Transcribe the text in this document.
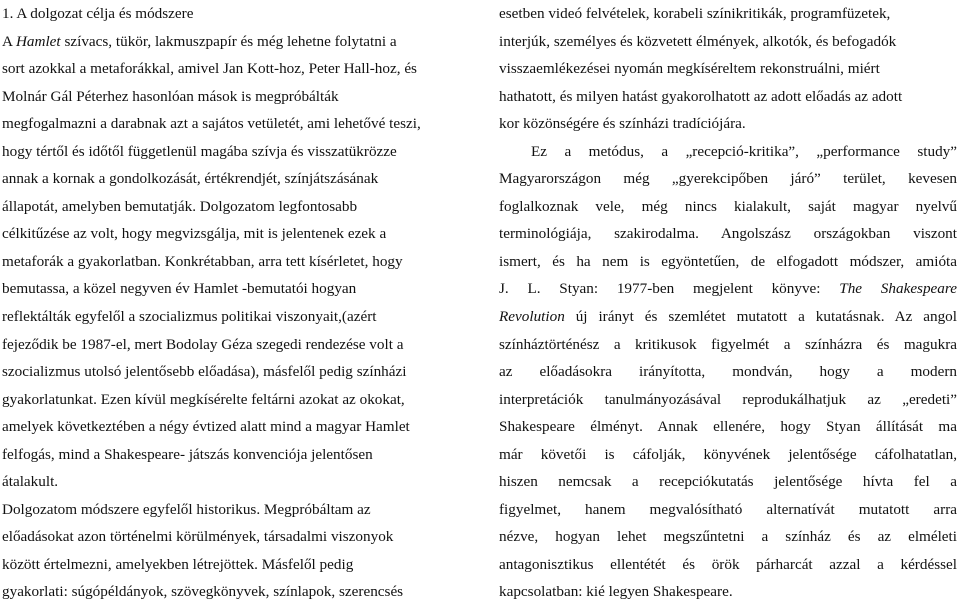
1. A dolgozat célja és módszere
A Hamlet szívacs, tükör, lakmuszpapír és még lehetne folytatni a
sort azokkal a metaforákkal, amivel Jan Kott-hoz, Peter Hall-hoz, és
Molnár Gál Péterhez hasonlóan mások is megpróbálták
megfogalmazni a darabnak azt a sajátos vetületét, ami lehetővé teszi,
hogy tértől és időtől függetlenül magába szívja és visszatükrözze
annak a kornak a gondolkozását, értékrendjét, színjátszásának
állapotát, amelyben bemutatják. Dolgozatom legfontosabb
célkitűzése az volt, hogy megvizsgálja, mit is jelentenek ezek a
metaforák a gyakorlatban. Konkrétabban, arra tett kísérletet, hogy
bemutassa, a közel negyven év Hamlet -bemutatói hogyan
reflektálták egyfelől a szocializmus politikai viszonyait,(azért
fejeződik be 1987-el, mert Bodolay Géza szegedi rendezése volt a
szocializmus utolsó jelentősebb előadása), másfelől pedig színházi
gyakorlatunkat. Ezen kívül megkísérelte feltárni azokat az okokat,
amelyek következtében a négy évtized alatt mind a magyar Hamlet
felfogás, mind a Shakespeare- játszás konvenciója jelentősen
átalakult.
Dolgozatom módszere egyfelől historikus. Megpróbáltam az
előadásokat azon történelmi körülmények, társadalmi viszonyok
között értelmezni, amelyekben létrejöttek. Másfelől pedig
gyakorlati: súgópéldányok, szövegkönyvek, színlapok, szerencsés
esetben videó felvételek, korabeli színikritikák, programfüzetek,
interjúk, személyes és közvetett élmények, alkotók, és befogadók
visszaemlékezései nyomán megkíséreltem rekonstruálni, miért
hathatott, és milyen hatást gyakorolhatott az adott előadás az adott
kor közönségére és színházi tradíciójára.
Ez a metódus, a „recepció-kritika”, „performance study”
Magyarországon még „gyerekcipőben járó” terület, kevesen
foglalkoznak vele, még nincs kialakult, saját magyar nyelvű
terminológiája, szakirodalma. Angolszász országokban viszont
ismert, és ha nem is egyöntetűen, de elfogadott módszer, amióta
J. L. Styan: 1977-ben megjelent könyve: The Shakespeare
Revolution új irányt és szemlétet mutatott a kutatásnak. Az angol
színháztörténész a kritikusok figyelmét a színházra és magukra
az előadásokra irányította, mondván, hogy a modern
interpretációk tanulmányozásával reprodukálhatjuk az „eredeti”
Shakespeare élményt. Annak ellenére, hogy Styan állítását ma
már követői is cáfolják, könyvének jelentősége cáfolhatatlan,
hiszen nemcsak a recepciókutatás jelentősége hívta fel a
figyelmet, hanem megvalósítható alternatívát mutatott arra
nézve, hogyan lehet megszűntetni a színház és az elméleti
antagonisztikus ellentétét és örök párharcát azzal a kérdéssel
kapcsolatban: kié legyen Shakespeare.
